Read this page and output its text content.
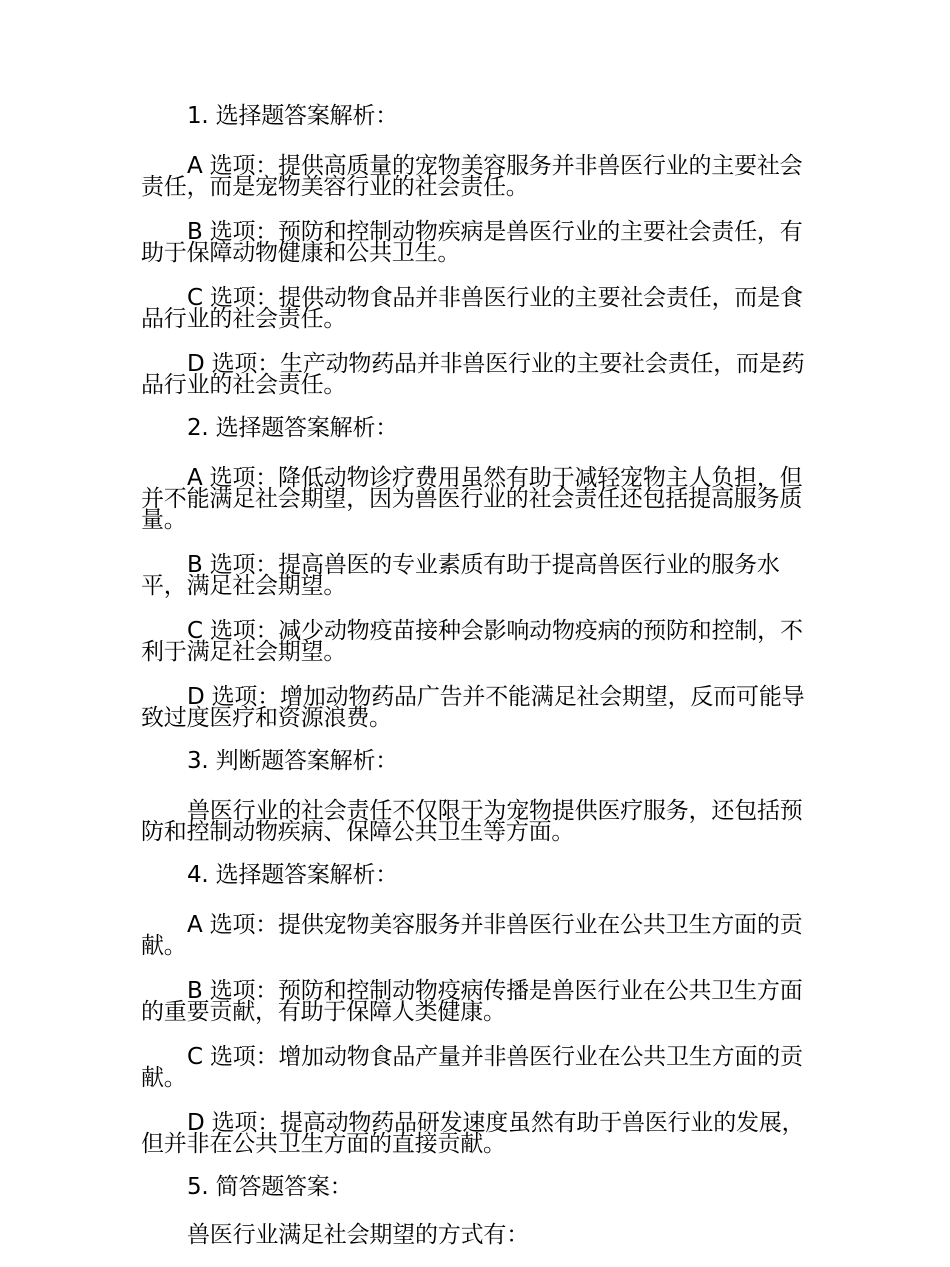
1. 选择题答案解析：

A 选项：提供高质量的宠物美容服务并非兽医行业的主要社会责任，而是宠物美容行业的社会责任。

B 选项：预防和控制动物疾病是兽医行业的主要社会责任，有助于保障动物健康和公共卫生。

C 选项：提供动物食品并非兽医行业的主要社会责任，而是食品行业的社会责任。

D 选项：生产动物药品并非兽医行业的主要社会责任，而是药品行业的社会责任。

2. 选择题答案解析：

A 选项：降低动物诊疗费用虽然有助于减轻宠物主人负担，但并不能满足社会期望，因为兽医行业的社会责任还包括提高服务质量。

B 选项：提高兽医的专业素质有助于提高兽医行业的服务水平，满足社会期望。

C 选项：减少动物疫苗接种会影响动物疫病的预防和控制，不利于满足社会期望。

D 选项：增加动物药品广告并不能满足社会期望，反而可能导致过度医疗和资源浪费。

3. 判断题答案解析：

兽医行业的社会责任不仅限于为宠物提供医疗服务，还包括预防和控制动物疾病、保障公共卫生等方面。

4. 选择题答案解析：

A 选项：提供宠物美容服务并非兽医行业在公共卫生方面的贡献。

B 选项：预防和控制动物疫病传播是兽医行业在公共卫生方面的重要贡献，有助于保障人类健康。

C 选项：增加动物食品产量并非兽医行业在公共卫生方面的贡献。

D 选项：提高动物药品研发速度虽然有助于兽医行业的发展，但并非在公共卫生方面的直接贡献。

5. 简答题答案：

兽医行业满足社会期望的方式有：
